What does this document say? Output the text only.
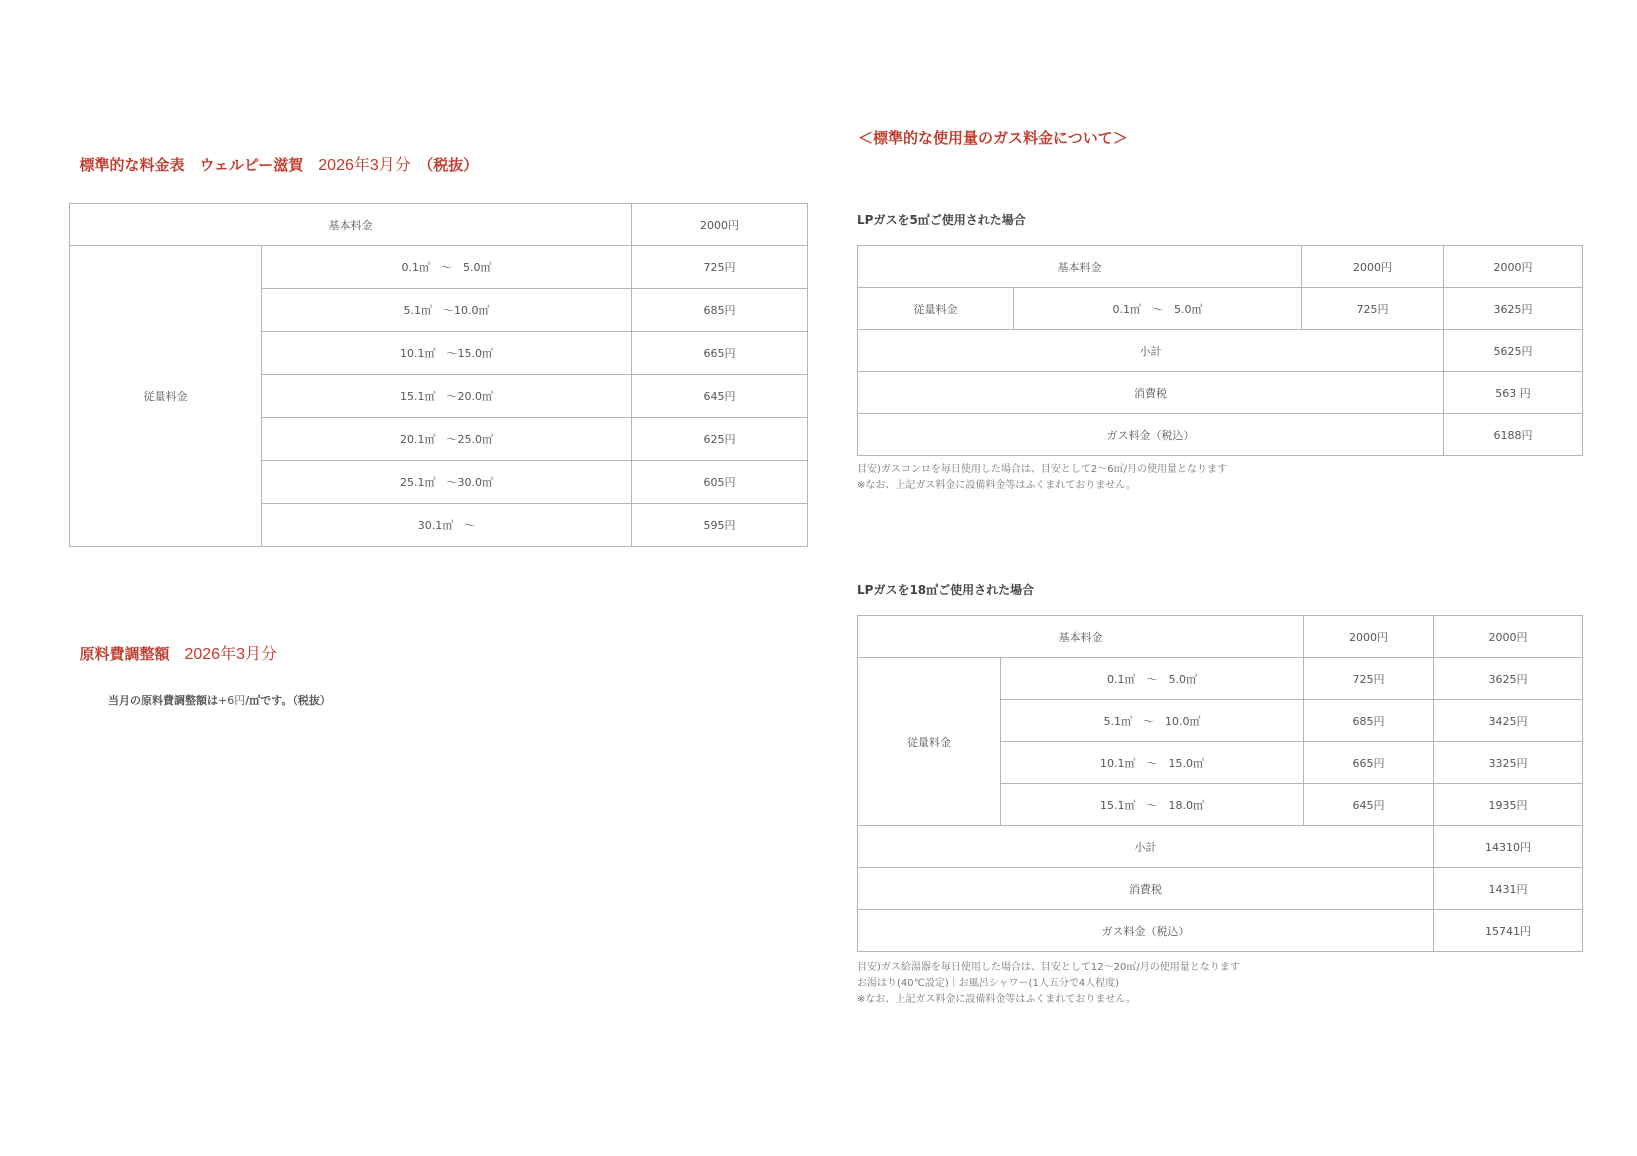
標準的な料金表　ウェルピー滋賀　 2026年3月分　 （税抜）

基本料金		2000円
従量料金	0.1㎥　～　5.0㎥	725円
	5.1㎥　～10.0㎥	685円
	10.1㎥　～15.0㎥	665円
	15.1㎥　～20.0㎥	645円
	20.1㎥　～25.0㎥	625円
	25.1㎥　～30.0㎥	605円
	30.1㎥　～	595円

原料費調整額　 2026年3月分

当月の原料費調整額は+6円/㎥です。（税抜）
＜標準的な使用量のガス料金について＞
LPガスを5㎥ご使用された場合
基本料金		2000円	2000円
従量料金	0.1㎥　～　5.0㎥	725円	3625円
小計			5625円
消費税			563 円
ガス料金（税込）			6188円
目安)ガスコンロを毎日使用した場合は、目安として2～6㎥/月の使用量となります
※なお、上記ガス料金に設備料金等はふくまれておりません。
LPガスを18㎥ご使用された場合
基本料金		2000円	2000円
従量料金	0.1㎥　～　5.0㎥	725円	3625円
	5.1㎥　～　10.0㎥	685円	3425円
	10.1㎥　～　15.0㎥	665円	3325円
	15.1㎥　～　18.0㎥	645円	1935円
小計			14310円
消費税			1431円
ガス料金（税込）			15741円
目安)ガス給湯器を毎日使用した場合は、目安として12～20㎥/月の使用量となります
お湯はり(40℃設定)｜お風呂シャワー(1人五分で4人程度)
※なお、上記ガス料金に設備料金等はふくまれておりません。
